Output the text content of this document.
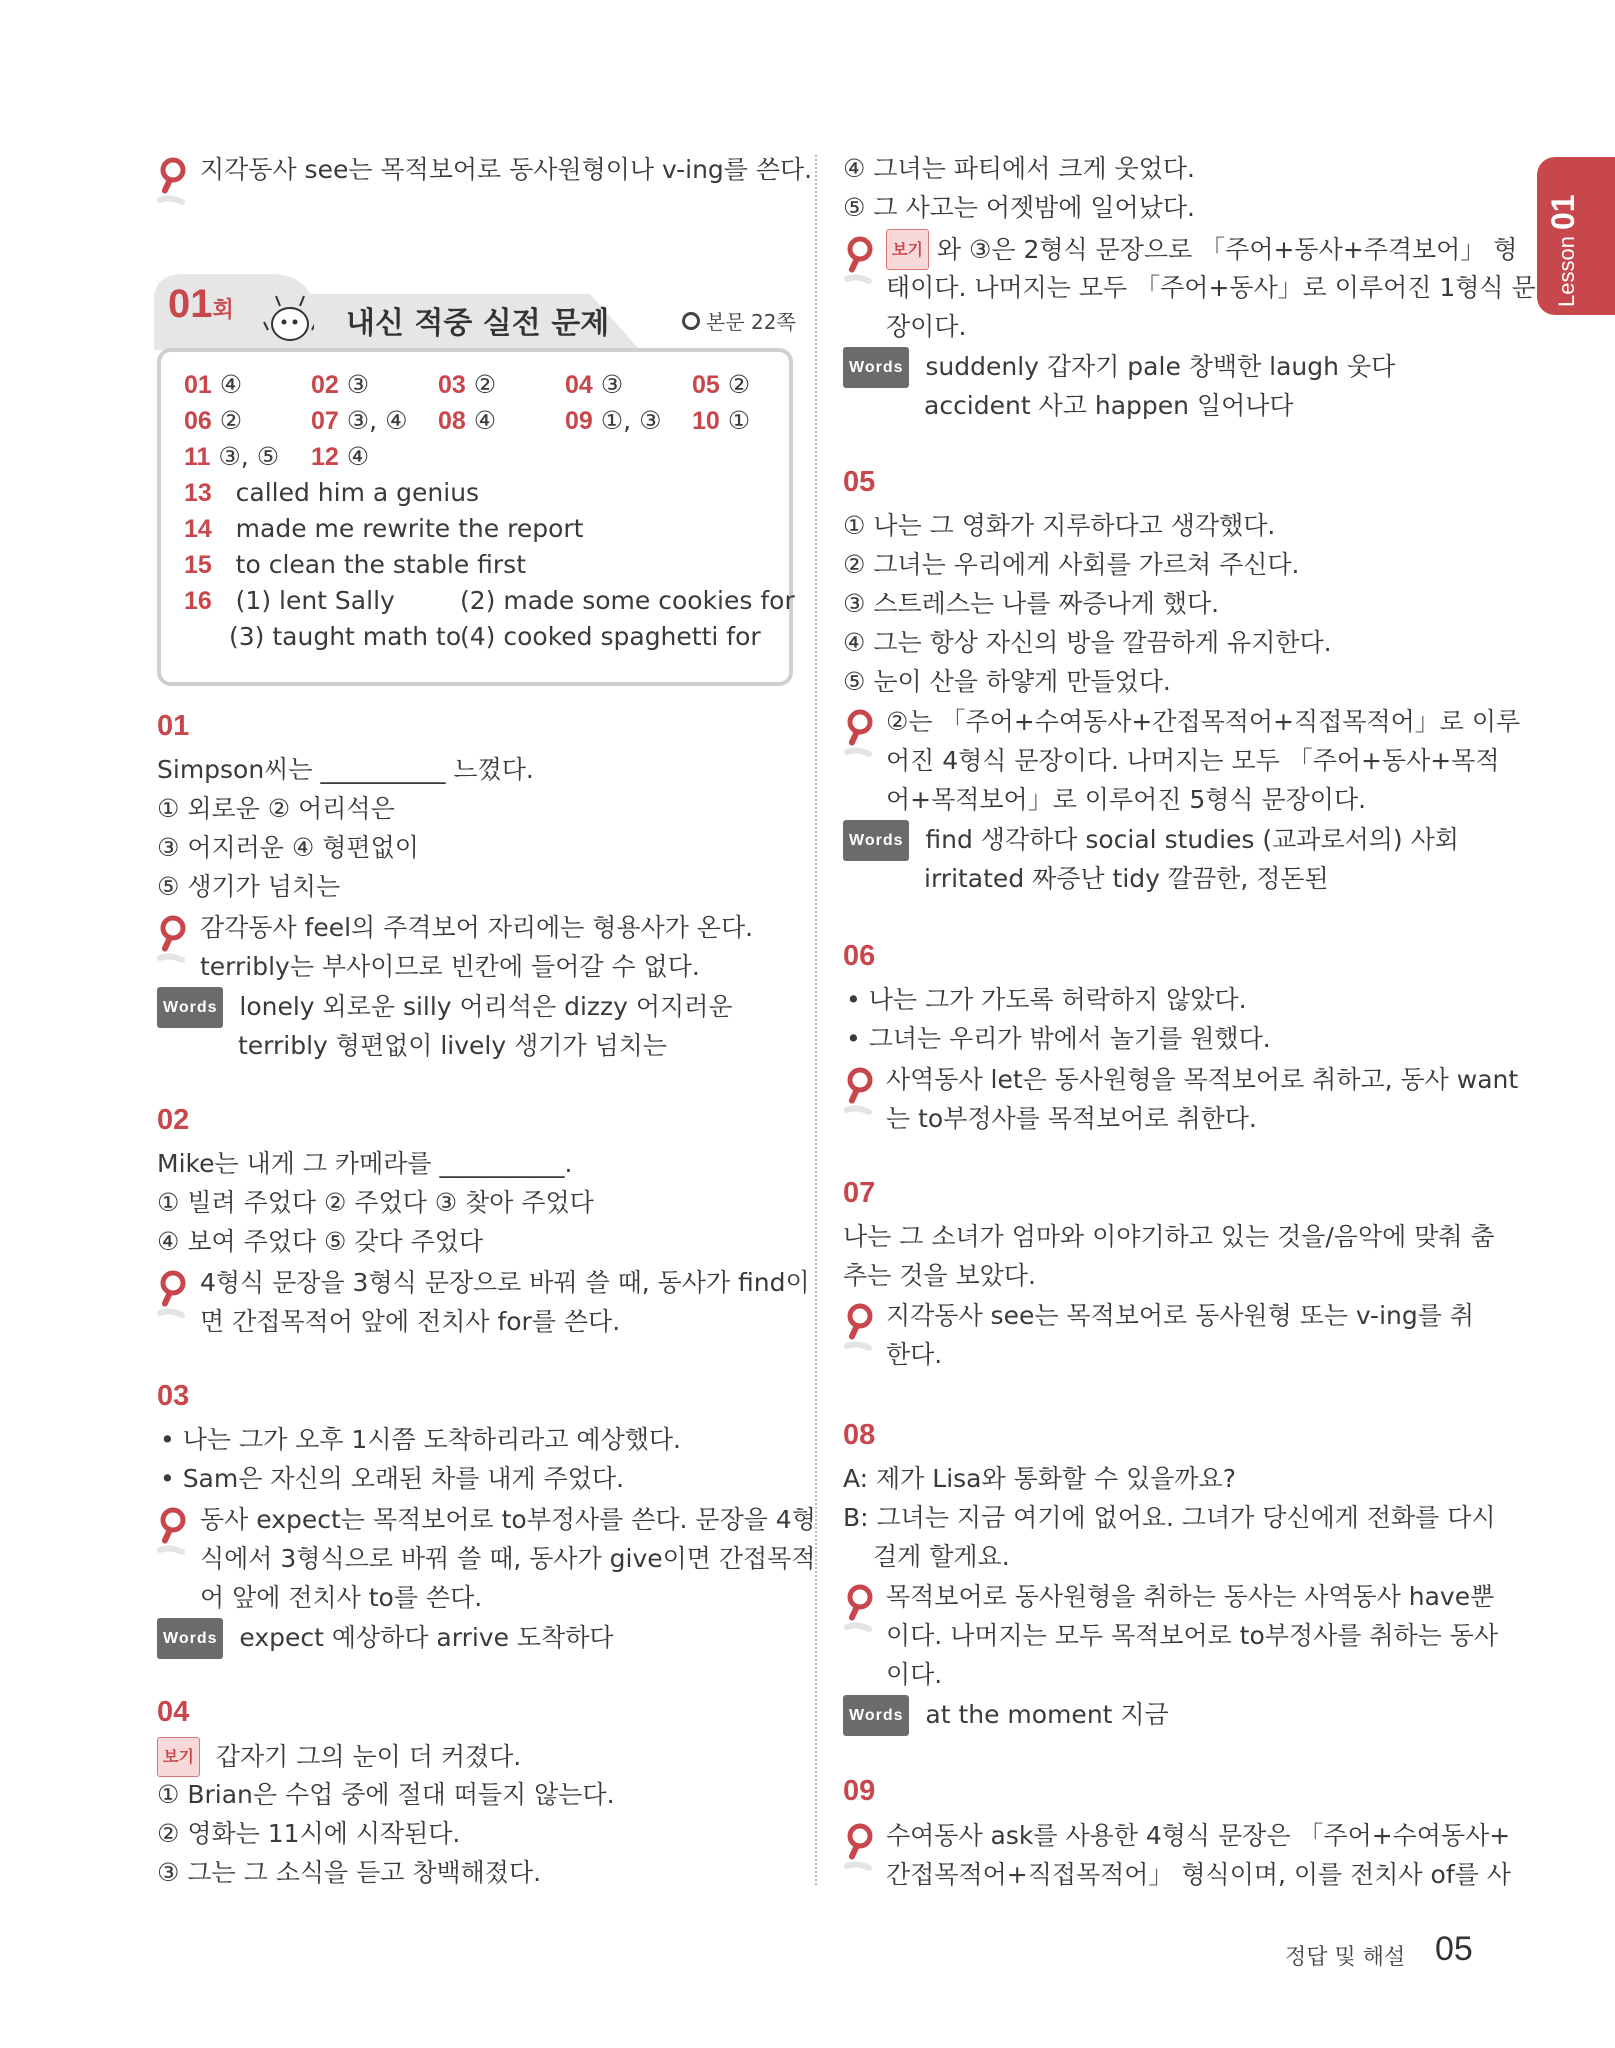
Lesson01
지각동사 see는 목적보어로 동사원형이나 v-ing를 쓴다.
01회	내신 적중 실전 문제	본문 22쪽
01 ④	02 ③	03 ②	04 ③	05 ②
06 ②	07 ③, ④ 08 ④	09 ①, ③ 10 ①
11 ③, ⑤ 12 ④
13 called him a genius
14 made me rewrite the report
15 to clean the stable first
16 (1) lent Sally	(2) made some cookies for
(3) taught math to
(4) cooked spaghetti for
01
Simpson씨는 __________ 느꼈다.
① 외로운 ② 어리석은
③ 어지러운 ④ 형편없이
⑤ 생기가 넘치는
감각동사 feel의 주격보어 자리에는 형용사가 온다.
terribly는 부사이므로 빈칸에 들어갈 수 없다.
Words lonely 외로운 silly 어리석은 dizzy 어지러운
terribly 형편없이 lively 생기가 넘치는
02
Mike는 내게 그 카메라를 __________.
① 빌려 주었다 ② 주었다 ③ 찾아 주었다
④ 보여 주었다 ⑤ 갖다 주었다
4형식 문장을 3형식 문장으로 바꿔 쓸 때, 동사가 find이
면 간접목적어 앞에 전치사 for를 쓴다.
03
• 나는 그가 오후 1시쯤 도착하리라고 예상했다.
• Sam은 자신의 오래된 차를 내게 주었다.
동사 expect는 목적보어로 to부정사를 쓴다. 문장을 4형
식에서 3형식으로 바꿔 쓸 때, 동사가 give이면 간접목적
어 앞에 전치사 to를 쓴다.
Words expect 예상하다 arrive 도착하다
04
보기 갑자기 그의 눈이 더 커졌다.
① Brian은 수업 중에 절대 떠들지 않는다.
② 영화는 11시에 시작된다.
③ 그는 그 소식을 듣고 창백해졌다.
④ 그녀는 파티에서 크게 웃었다.
⑤ 그 사고는 어젯밤에 일어났다.
보기 와 ③은 2형식 문장으로 「주어+동사+주격보어」 형
태이다. 나머지는 모두 「주어+동사」로 이루어진 1형식 문
장이다.
Words suddenly 갑자기 pale 창백한 laugh 웃다
accident 사고 happen 일어나다
05
① 나는 그 영화가 지루하다고 생각했다.
② 그녀는 우리에게 사회를 가르쳐 주신다.
③ 스트레스는 나를 짜증나게 했다.
④ 그는 항상 자신의 방을 깔끔하게 유지한다.
⑤ 눈이 산을 하얗게 만들었다.
②는 「주어+수여동사+간접목적어+직접목적어」로 이루
어진 4형식 문장이다. 나머지는 모두 「주어+동사+목적
어+목적보어」로 이루어진 5형식 문장이다.
Words find 생각하다 social studies (교과로서의) 사회
irritated 짜증난 tidy 깔끔한, 정돈된
06
• 나는 그가 가도록 허락하지 않았다.
• 그녀는 우리가 밖에서 놀기를 원했다.
사역동사 let은 동사원형을 목적보어로 취하고, 동사 want
는 to부정사를 목적보어로 취한다.
07
나는 그 소녀가 엄마와 이야기하고 있는 것을/음악에 맞춰 춤
추는 것을 보았다.
지각동사 see는 목적보어로 동사원형 또는 v-ing를 취
한다.
08
A: 제가 Lisa와 통화할 수 있을까요?
B: 그녀는 지금 여기에 없어요. 그녀가 당신에게 전화를 다시
걸게 할게요.
목적보어로 동사원형을 취하는 동사는 사역동사 have뿐
이다. 나머지는 모두 목적보어로 to부정사를 취하는 동사
이다.
Words at the moment 지금
09
수여동사 ask를 사용한 4형식 문장은 「주어+수여동사+
간접목적어+직접목적어」 형식이며, 이를 전치사 of를 사
정답 및 해설 05
